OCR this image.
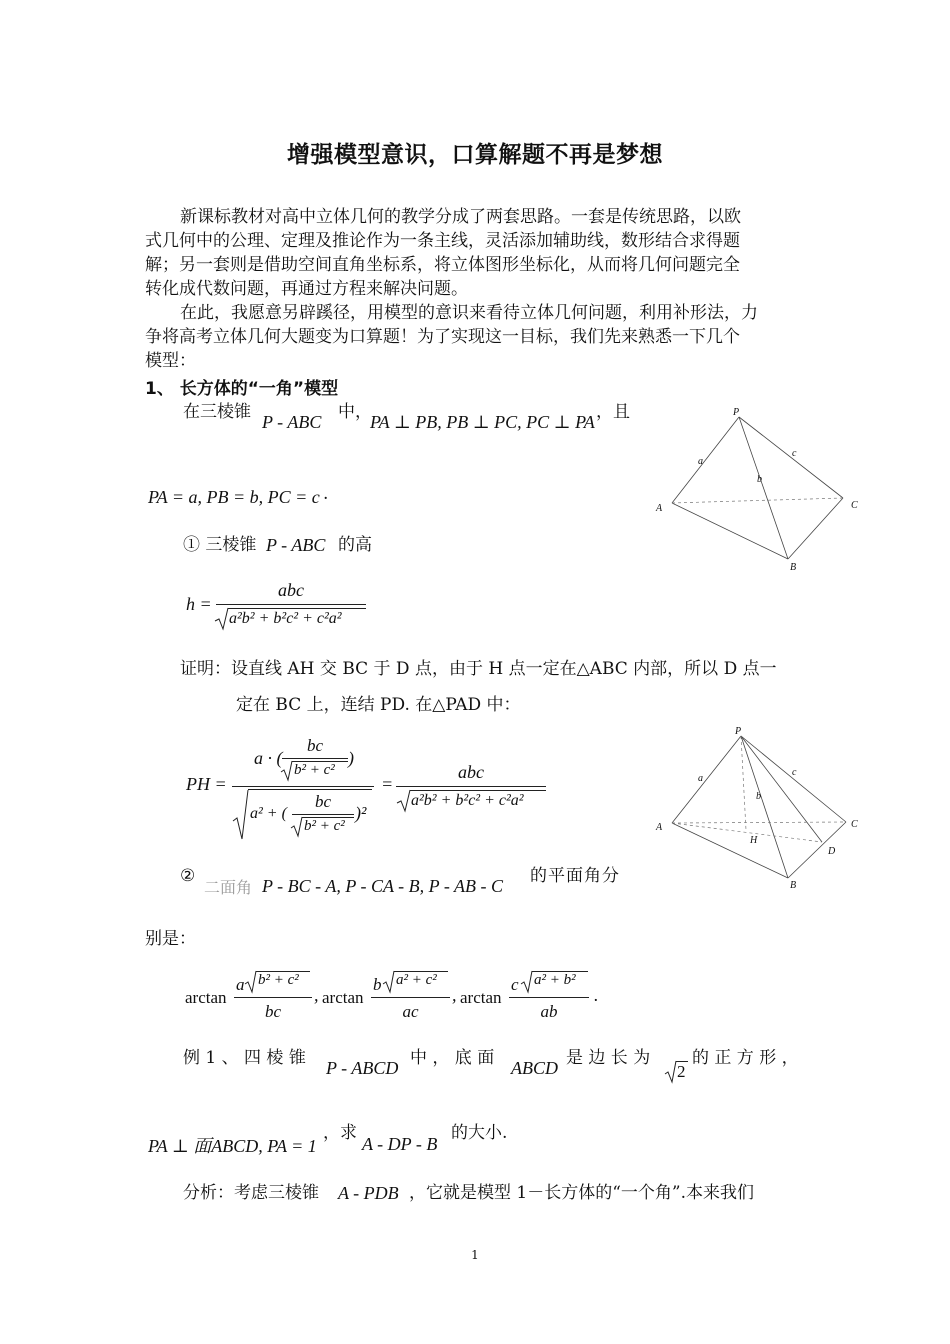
增强模型意识，口算解题不再是梦想
新课标教材对高中立体几何的教学分成了两套思路。一套是传统思路，以欧
式几何中的公理、定理及推论作为一条主线，灵活添加辅助线，数形结合求得题
解；另一套则是借助空间直角坐标系，将立体图形坐标化，从而将几何问题完全
转化成代数问题，再通过方程来解决问题。
在此，我愿意另辟蹊径，用模型的意识来看待立体几何问题，利用补形法，力
争将高考立体几何大题变为口算题！为了实现这一目标，我们先来熟悉一下几个
模型：
1、 长方体的“一角”模型
在三棱锥 P - ABC 中，
PA ⊥ PB, PB ⊥ PC, PC ⊥ PA ，且
PA = a, PB = b, PC = c .
P
A	C
B
a
b
c
① 三棱锥 P - ABC 的高
h =
abc
a²b² + b²c² + c²a²
证明：设直线 AH 交 BC 于 D 点，由于 H 点一定在△ABC 内部，所以 D 点一
定在 BC 上，连结 PD. 在△PAD 中：
PH =
a · (
bc
b² + c²
)
a² + (
bc
b² + c²
)²
=
abc
a²b² + b²c² + c²a²
P
A	C
D
B
H
a
b
c
②
二面角 P - BC - A, P - CA - B, P - AB - C 的平面角分
别是：
arctan
a b² + c²
bc
, arctan
b a² + c²
ac
, arctan
c a² + b²
ab
.
例 1 、 四 棱 锥 P - ABCD 中 ， 底 面 ABCD 是 边 长 为
2
的 正 方 形 ，
PA ⊥ 面ABCD, PA = 1
，求
A - DP - B
的大小.
分析：考虑三棱锥 A - PDB ，它就是模型 1－长方体的“一个角”.本来我们
1
